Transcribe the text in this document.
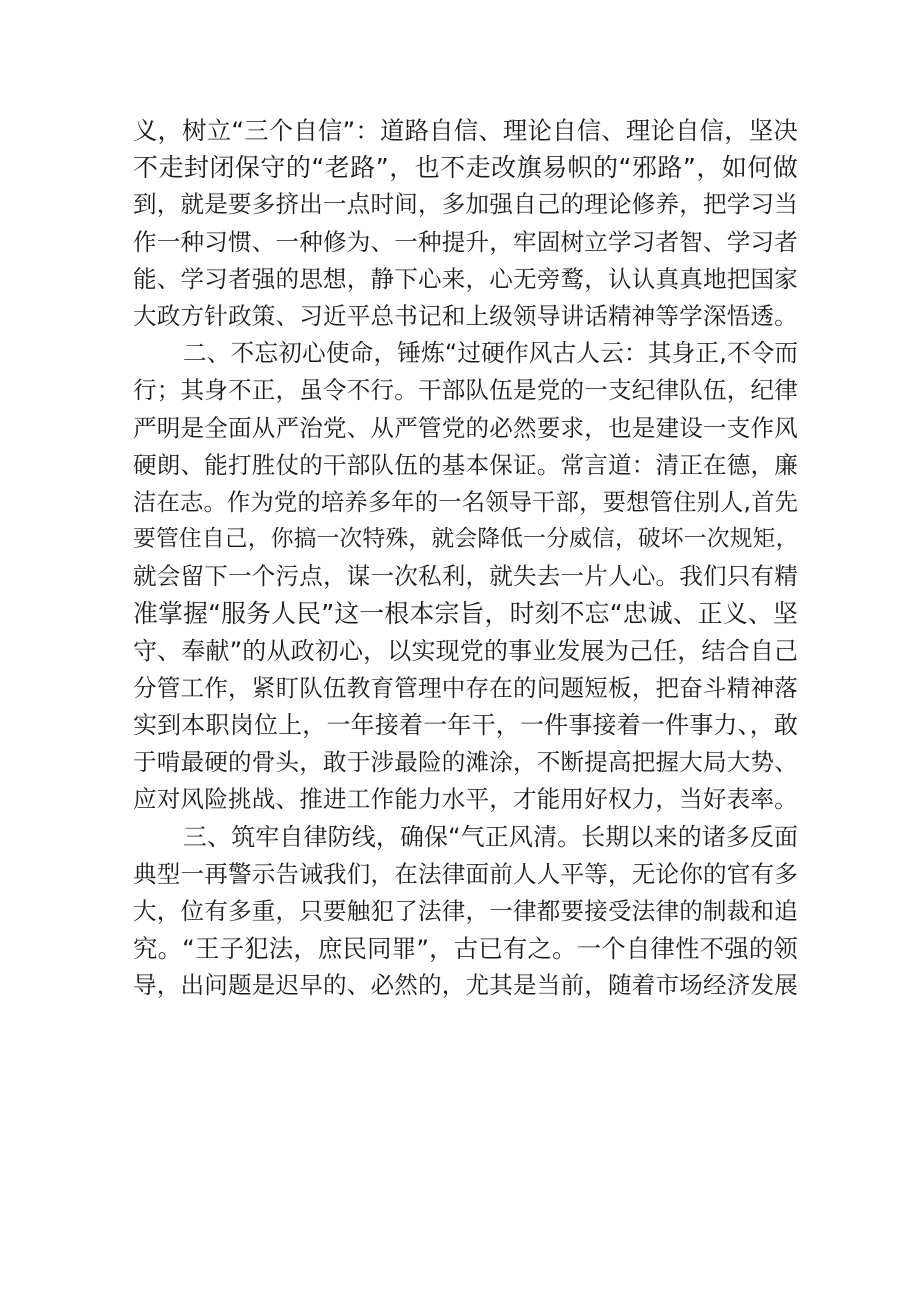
义，树立“三个自信”：道路自信、理论自信、理论自信，坚决
不走封闭保守的“老路”，也不走改旗易帜的“邪路”，如何做
到，就是要多挤出一点时间，多加强自己的理论修养，把学习当
作一种习惯、一种修为、一种提升，牢固树立学习者智、学习者
能、学习者强的思想，静下心来，心无旁鹜，认认真真地把国家
大政方针政策、习近平总书记和上级领导讲话精神等学深悟透。
二、不忘初心使命，锤炼“过硬作风古人云：其身正,不令而
行；其身不正，虽令不行。干部队伍是党的一支纪律队伍，纪律
严明是全面从严治党、从严管党的必然要求，也是建设一支作风
硬朗、能打胜仗的干部队伍的基本保证。常言道：清正在德，廉
洁在志。作为党的培养多年的一名领导干部，要想管住别人,首先
要管住自己，你搞一次特殊，就会降低一分威信，破坏一次规矩，
就会留下一个污点，谋一次私利，就失去一片人心。我们只有精
准掌握“服务人民”这一根本宗旨，时刻不忘“忠诚、正义、坚
守、奉献”的从政初心，以实现党的事业发展为己任，结合自己
分管工作，紧盯队伍教育管理中存在的问题短板，把奋斗精神落
实到本职岗位上，一年接着一年干，一件事接着一件事力、，敢
于啃最硬的骨头，敢于涉最险的滩涂，不断提高把握大局大势、
应对风险挑战、推进工作能力水平，才能用好权力，当好表率。
三、筑牢自律防线，确保“气正风清。长期以来的诸多反面
典型一再警示告诫我们，在法律面前人人平等，无论你的官有多
大，位有多重，只要触犯了法律，一律都要接受法律的制裁和追
究。“王子犯法，庶民同罪”，古已有之。一个自律性不强的领
导，出问题是迟早的、必然的，尤其是当前，随着市场经济发展
